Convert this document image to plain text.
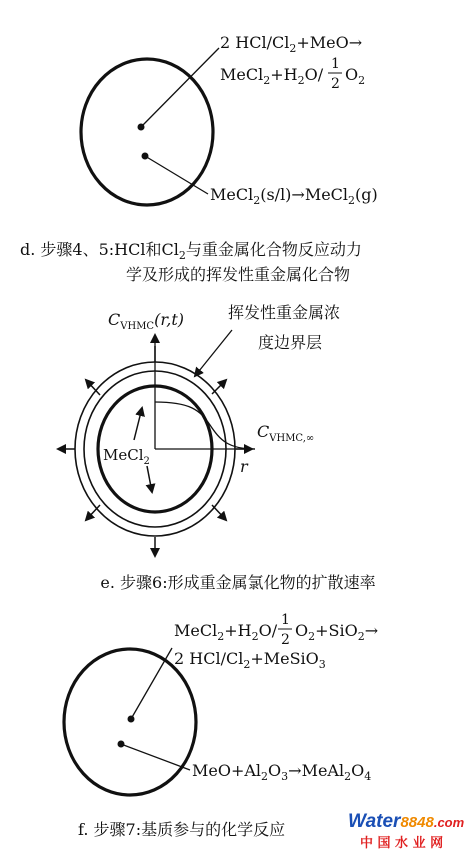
2 HCl/$Cl_2+MeO\to$
$MeCl_2+H_2O/$
1
2 $O_2$
MeCl$_2$(s/l)→MeCl$_2$(g)
d. 步骤4、5:HCl和$Cl_2$与重金属化合物反应动力
学及形成的挥发性重金属化合物
$C_{VHMC}(r,t)$	挥发性重金属浓
度边界层
$C_{VHMC,\infty}$
r
MeCl$_2$
e. 步骤6:形成重金属氯化物的扩散速率
$MeCl_2+H_2O/$
1
2 $O_2+SiO_2\to$
2 HCl/$Cl_2+MeSiO_3$
$MeO+Al_2O_3\to MeAl_2O_4$
f. 步骤7:基质参与的化学反应	Water8848.com
中 国 水 业 网
